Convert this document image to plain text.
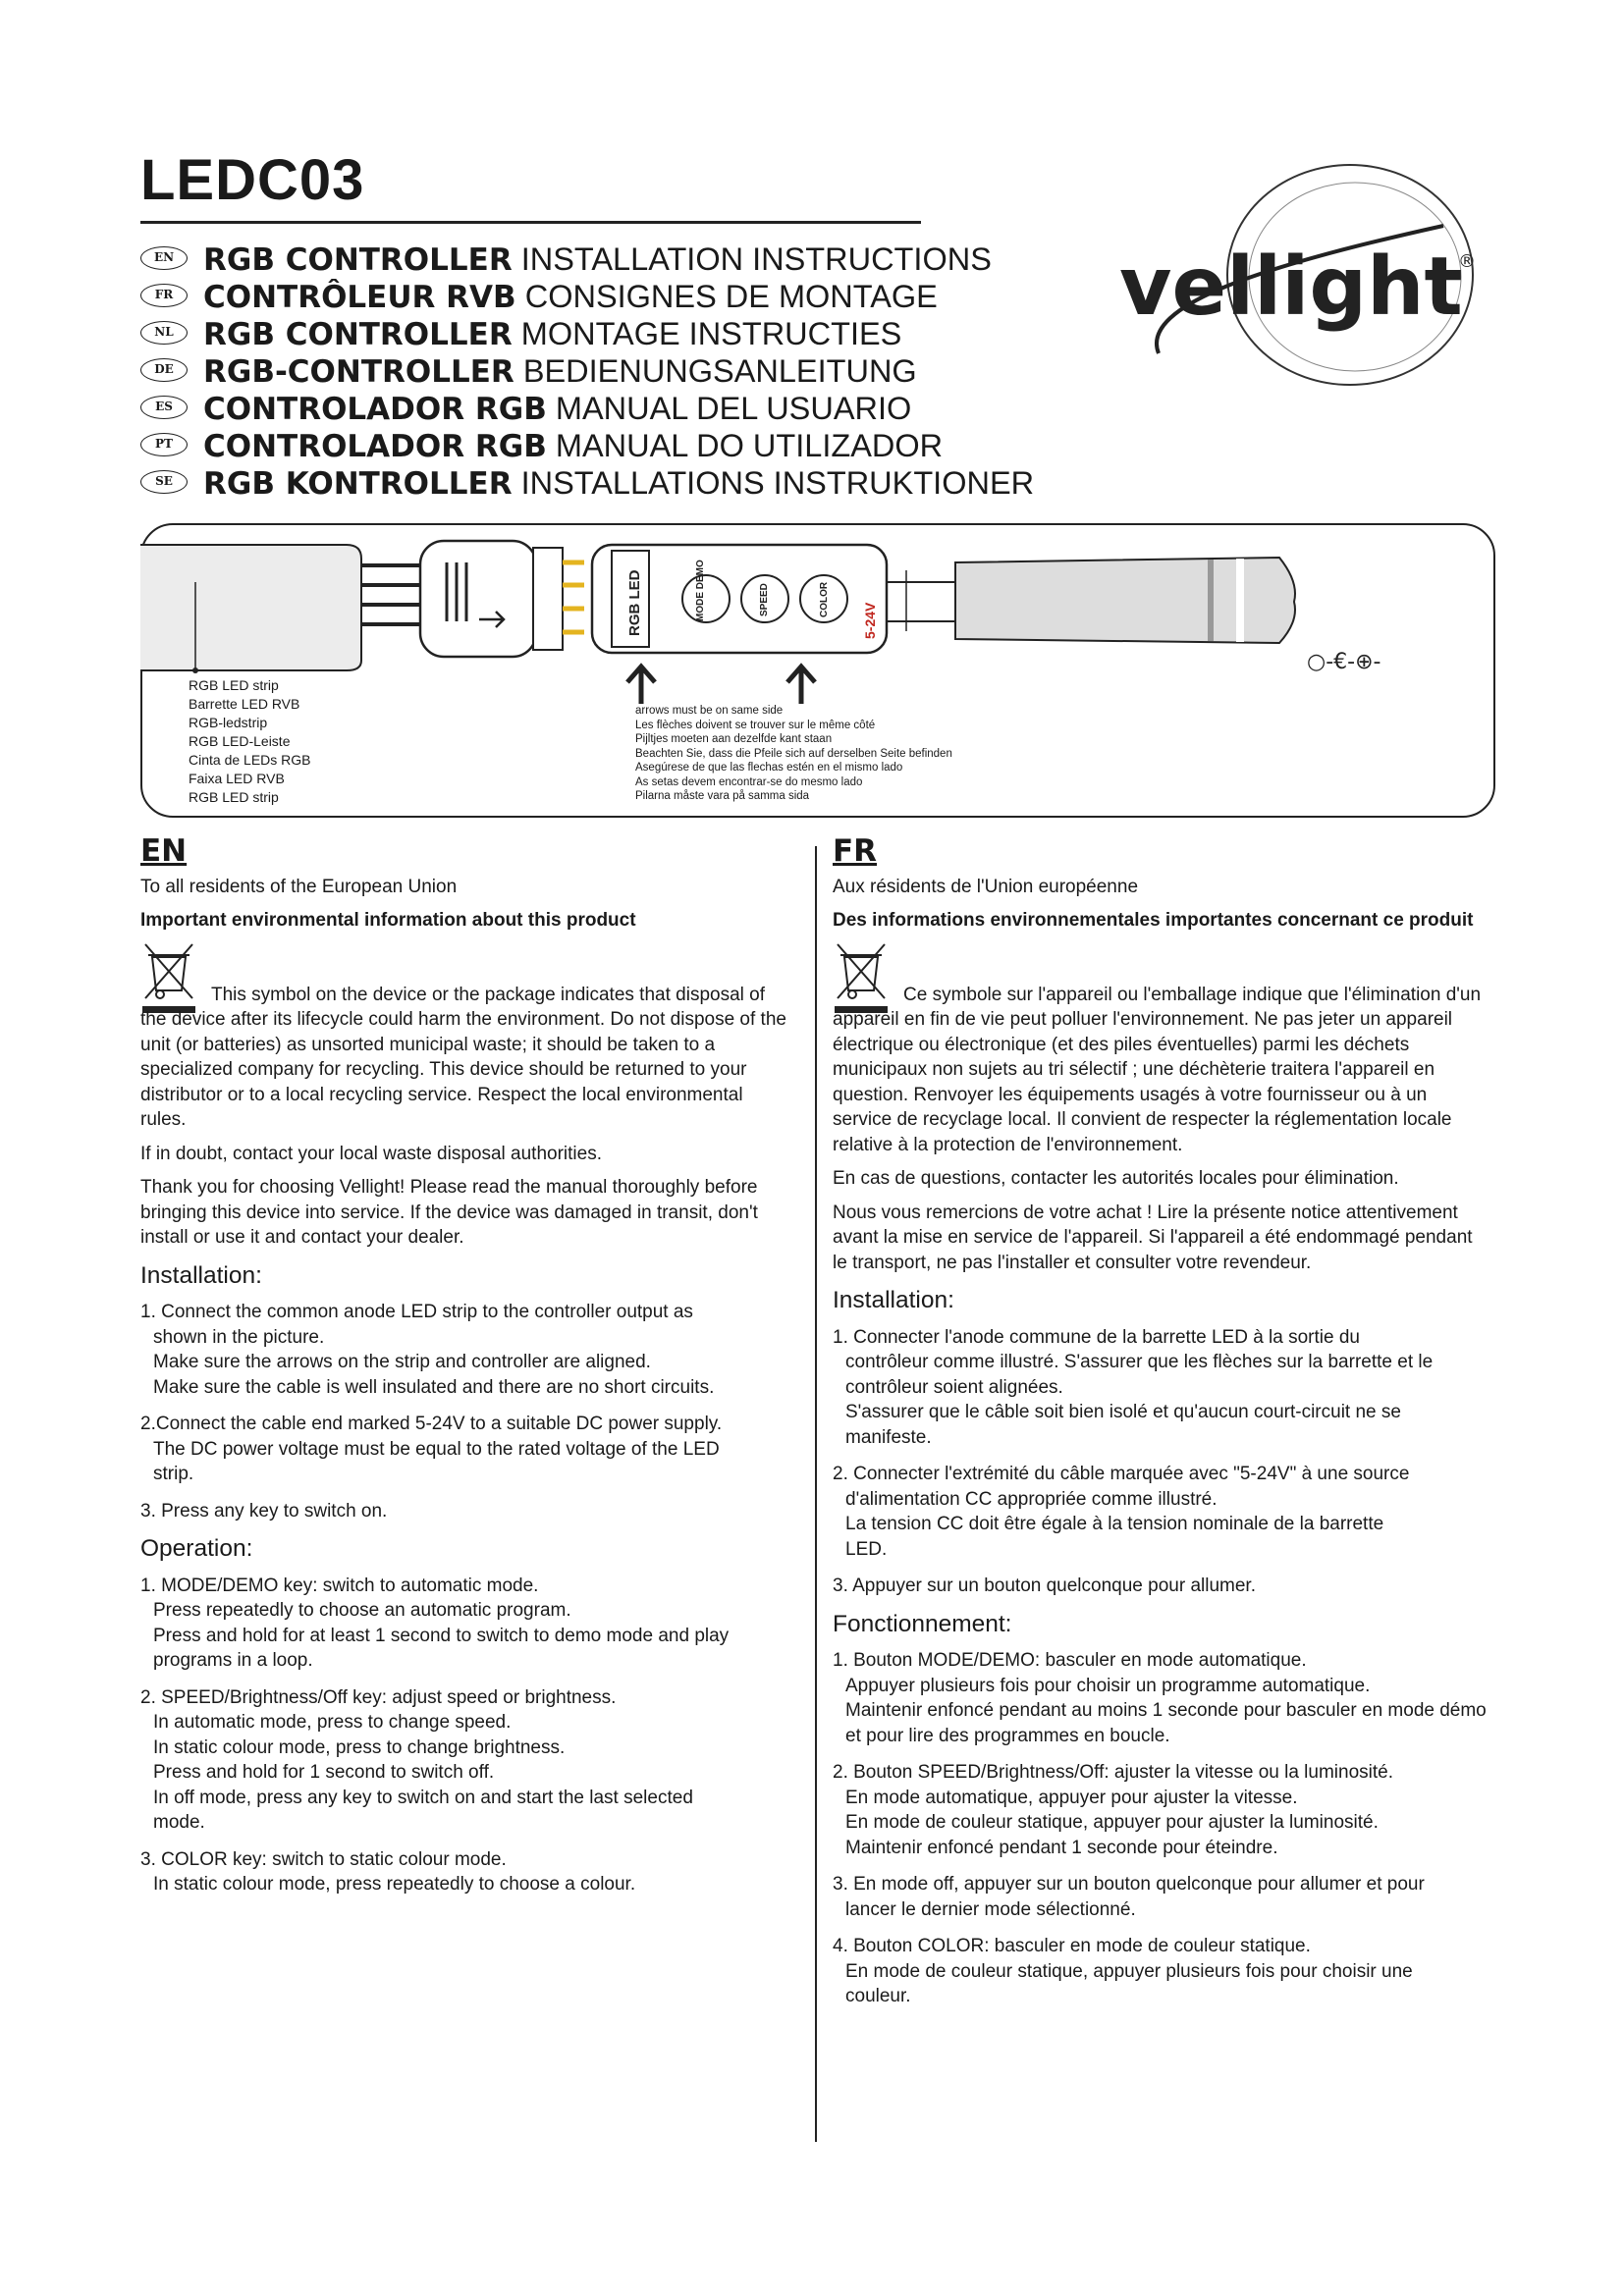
LEDC03
EN RGB CONTROLLER INSTALLATION INSTRUCTIONS
FR CONTRÔLEUR RVB CONSIGNES DE MONTAGE
NL RGB CONTROLLER MONTAGE INSTRUCTIES
DE RGB-CONTROLLER BEDIENUNGSANLEITUNG
ES CONTROLADOR RGB MANUAL DEL USUARIO
PT CONTROLADOR RGB MANUAL DO UTILIZADOR
SE RGB KONTROLLER INSTALLATIONS INSTRUKTIONER
vellight
®
RGB LED	MODE DEMO	SPEED	COLOR
5-24V
○-€-⊕-
RGB LED strip
Barrette LED RVB
RGB-ledstrip
RGB LED-Leiste
Cinta de LEDs RGB
Faixa LED RVB
RGB LED strip
arrows must be on same side
Les flèches doivent se trouver sur le même côté
Pijltjes moeten aan dezelfde kant staan
Beachten Sie, dass die Pfeile sich auf derselben Seite befinden
Asegúrese de que las flechas estén en el mismo lado
As setas devem encontrar-se do mesmo lado
Pilarna måste vara på samma sida
EN

To all residents of the European Union

Important environmental information about this product

This symbol on the device or the package indicates that disposal of the device after its lifecycle could harm the environment. Do not dispose of the unit (or batteries) as unsorted municipal waste; it should be taken to a specialized company for recycling. This device should be returned to your distributor or to a local recycling service. Respect the local environmental rules.

If in doubt, contact your local waste disposal authorities.

Thank you for choosing Vellight! Please read the manual thoroughly before bringing this device into service. If the device was damaged in transit, don't install or use it and contact your dealer.

Installation:
1. Connect the common anode LED strip to the controller output as
shown in the picture.
Make sure the arrows on the strip and controller are aligned.
Make sure the cable is well insulated and there are no short circuits.
2.Connect the cable end marked 5-24V to a suitable DC power supply.
The DC power voltage must be equal to the rated voltage of the LED
strip.
3. Press any key to switch on.
Operation:
1. MODE/DEMO key: switch to automatic mode.
Press repeatedly to choose an automatic program.
Press and hold for at least 1 second to switch to demo mode and play programs in a loop.
2. SPEED/Brightness/Off key: adjust speed or brightness.
In automatic mode, press to change speed.
In static colour mode, press to change brightness.
Press and hold for 1 second to switch off.
In off mode, press any key to switch on and start the last selected
mode.
3. COLOR key: switch to static colour mode.
In static colour mode, press repeatedly to choose a colour.
FR

Aux résidents de l'Union européenne

Des informations environnementales importantes concernant ce produit

Ce symbole sur l'appareil ou l'emballage indique que l'élimination d'un appareil en fin de vie peut polluer l'environnement. Ne pas jeter un appareil électrique ou électronique (et des piles éventuelles) parmi les déchets municipaux non sujets au tri sélectif ; une déchèterie traitera l'appareil en question. Renvoyer les équipements usagés à votre fournisseur ou à un service de recyclage local. Il convient de respecter la réglementation locale relative à la protection de l'environnement.

En cas de questions, contacter les autorités locales pour élimination.

Nous vous remercions de votre achat ! Lire la présente notice attentivement avant la mise en service de l'appareil. Si l'appareil a été endommagé pendant le transport, ne pas l'installer et consulter votre revendeur.

Installation:
1. Connecter l'anode commune de la barrette LED à la sortie du
contrôleur comme illustré. S'assurer que les flèches sur la barrette et le contrôleur soient alignées.
S'assurer que le câble soit bien isolé et qu'aucun court-circuit ne se
manifeste.
2. Connecter l'extrémité du câble marquée avec "5-24V" à une source
d'alimentation CC appropriée comme illustré.
La tension CC doit être égale à la tension nominale de la barrette
LED.
3. Appuyer sur un bouton quelconque pour allumer.
Fonctionnement:
1. Bouton MODE/DEMO: basculer en mode automatique.
Appuyer plusieurs fois pour choisir un programme automatique.
Maintenir enfoncé pendant au moins 1 seconde pour basculer en mode démo et pour lire des programmes en boucle.
2. Bouton SPEED/Brightness/Off: ajuster la vitesse ou la luminosité.
En mode automatique, appuyer pour ajuster la vitesse.
En mode de couleur statique, appuyer pour ajuster la luminosité.
Maintenir enfoncé pendant 1 seconde pour éteindre.
3. En mode off, appuyer sur un bouton quelconque pour allumer et pour
lancer le dernier mode sélectionné.
4. Bouton COLOR: basculer en mode de couleur statique.
En mode de couleur statique, appuyer plusieurs fois pour choisir une
couleur.
